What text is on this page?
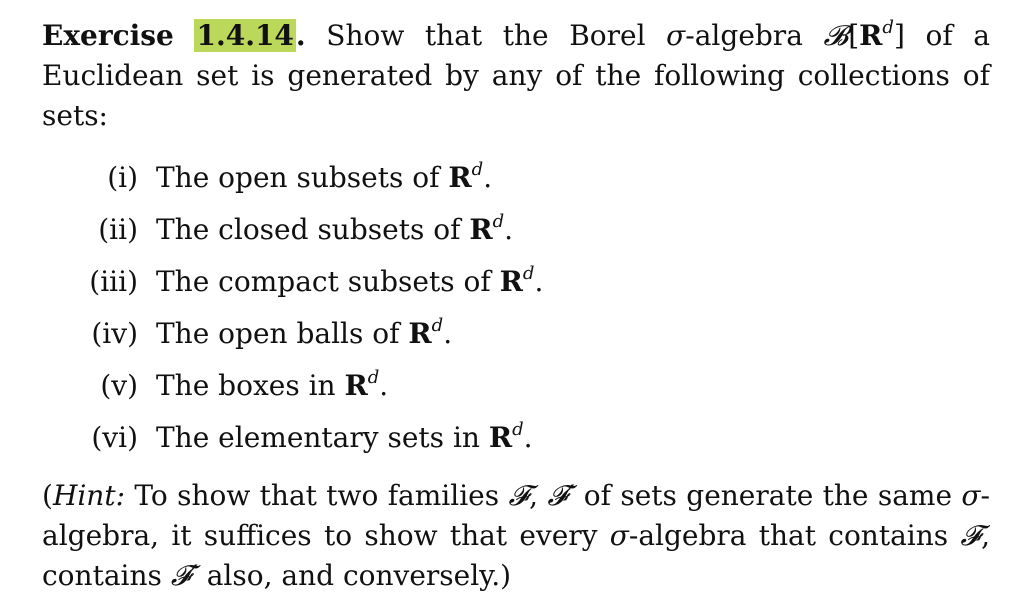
Exercise 1.4.14. Show that the Borel σ-algebra $𝓑[R^d]$ of a Euclidean set is generated by any of the following collections of sets:

(i) The open subsets of $R^d$.
(ii) The closed subsets of $R^d$.
(iii) The compact subsets of $R^d$.
(iv) The open balls of $R^d$.
(v) The boxes in $R^d$.
(vi) The elementary sets in $R^d$.

(Hint: To show that two families 𝓕, 𝓕′ of sets generate the same σ-algebra, it suffices to show that every σ-algebra that contains 𝓕, contains 𝓕′ also, and conversely.)
